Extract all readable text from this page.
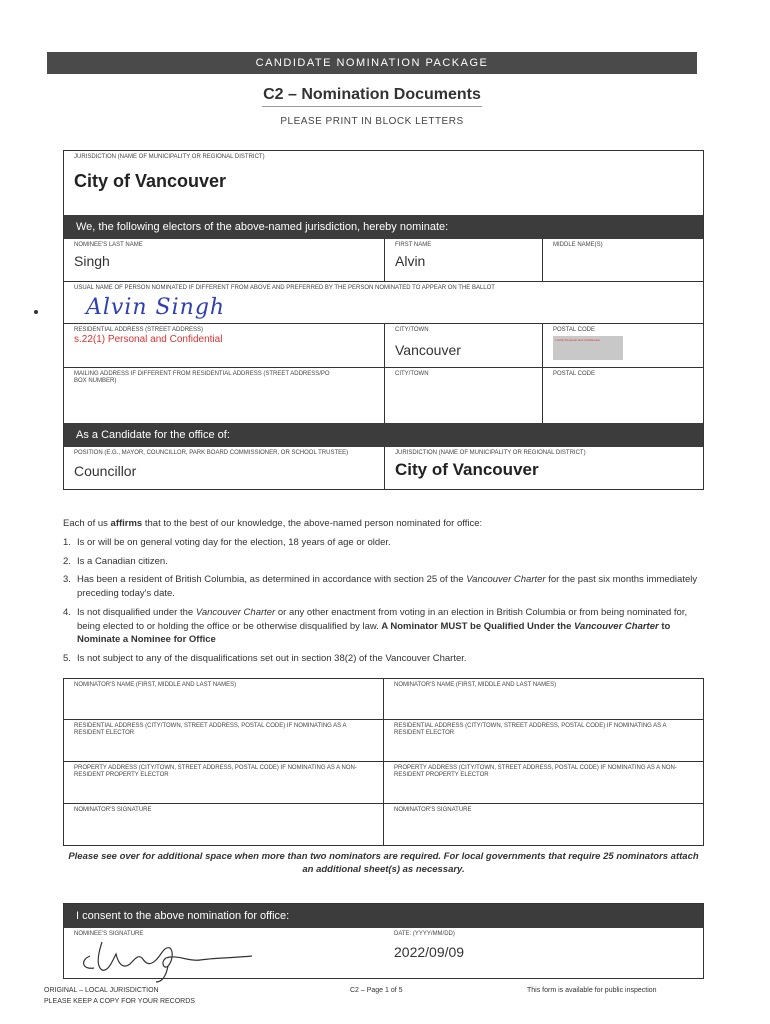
CANDIDATE NOMINATION PACKAGE
C2 – Nomination Documents
PLEASE PRINT IN BLOCK LETTERS
JURISDICTION (NAME OF MUNICIPALITY OR REGIONAL DISTRICT)
City of Vancouver
We, the following electors of the above-named jurisdiction, hereby nominate:
NOMINEE'S LAST NAME
Singh
FIRST NAME
Alvin
MIDDLE NAME(S)
USUAL NAME OF PERSON NOMINATED IF DIFFERENT FROM ABOVE AND PREFERRED BY THE PERSON NOMINATED TO APPEAR ON THE BALLOT
Alvin Singh
RESIDENTIAL ADDRESS (STREET ADDRESS)
s.22(1) Personal and Confidential
CITY/TOWN
Vancouver
POSTAL CODE
s.22(1) Personal and Confidential
MAILING ADDRESS IF DIFFERENT FROM RESIDENTIAL ADDRESS (STREET ADDRESS/PO BOX NUMBER)
CITY/TOWN	POSTAL CODE
As a Candidate for the office of:
POSITION (E.G., MAYOR, COUNCILLOR, PARK BOARD COMMISSIONER, OR SCHOOL TRUSTEE)
Councillor
JURISDICTION (NAME OF MUNICIPALITY OR REGIONAL DISTRICT)
City of Vancouver

Each of us affirms that to the best of our knowledge, the above-named person nominated for office:

1. Is or will be on general voting day for the election, 18 years of age or older.
2. Is a Canadian citizen.
3. Has been a resident of British Columbia, as determined in accordance with section 25 of the Vancouver Charter for the past six months immediately preceding today's date.
4. Is not disqualified under the Vancouver Charter or any other enactment from voting in an election in British Columbia or from being nominated for, being elected to or holding the office or be otherwise disqualified by law. A Nominator MUST be Qualified Under the Vancouver Charter to Nominate a Nominee for Office
5. Is not subject to any of the disqualifications set out in section 38(2) of the Vancouver Charter.
NOMINATOR'S NAME (FIRST, MIDDLE AND LAST NAMES)	NOMINATOR'S NAME (FIRST, MIDDLE AND LAST NAMES)
RESIDENTIAL ADDRESS (CITY/TOWN, STREET ADDRESS, POSTAL CODE) IF NOMINATING AS A RESIDENT ELECTOR
RESIDENTIAL ADDRESS (CITY/TOWN, STREET ADDRESS, POSTAL CODE) IF NOMINATING AS A RESIDENT ELECTOR
PROPERTY ADDRESS (CITY/TOWN, STREET ADDRESS, POSTAL CODE) IF NOMINATING AS A NON-RESIDENT PROPERTY ELECTOR
PROPERTY ADDRESS (CITY/TOWN, STREET ADDRESS, POSTAL CODE) IF NOMINATING AS A NON-RESIDENT PROPERTY ELECTOR
NOMINATOR'S SIGNATURE	NOMINATOR'S SIGNATURE
Please see over for additional space when more than two nominators are required. For local governments that require 25 nominators attach an additional sheet(s) as necessary.
I consent to the above nomination for office:
NOMINEE'S SIGNATURE	DATE: (YYYY/MM/DD)
2022/09/09
ORIGINAL – LOCAL JURISDICTION
PLEASE KEEP A COPY FOR YOUR RECORDS
C2 – Page 1 of 5	This form is available for public inspection
